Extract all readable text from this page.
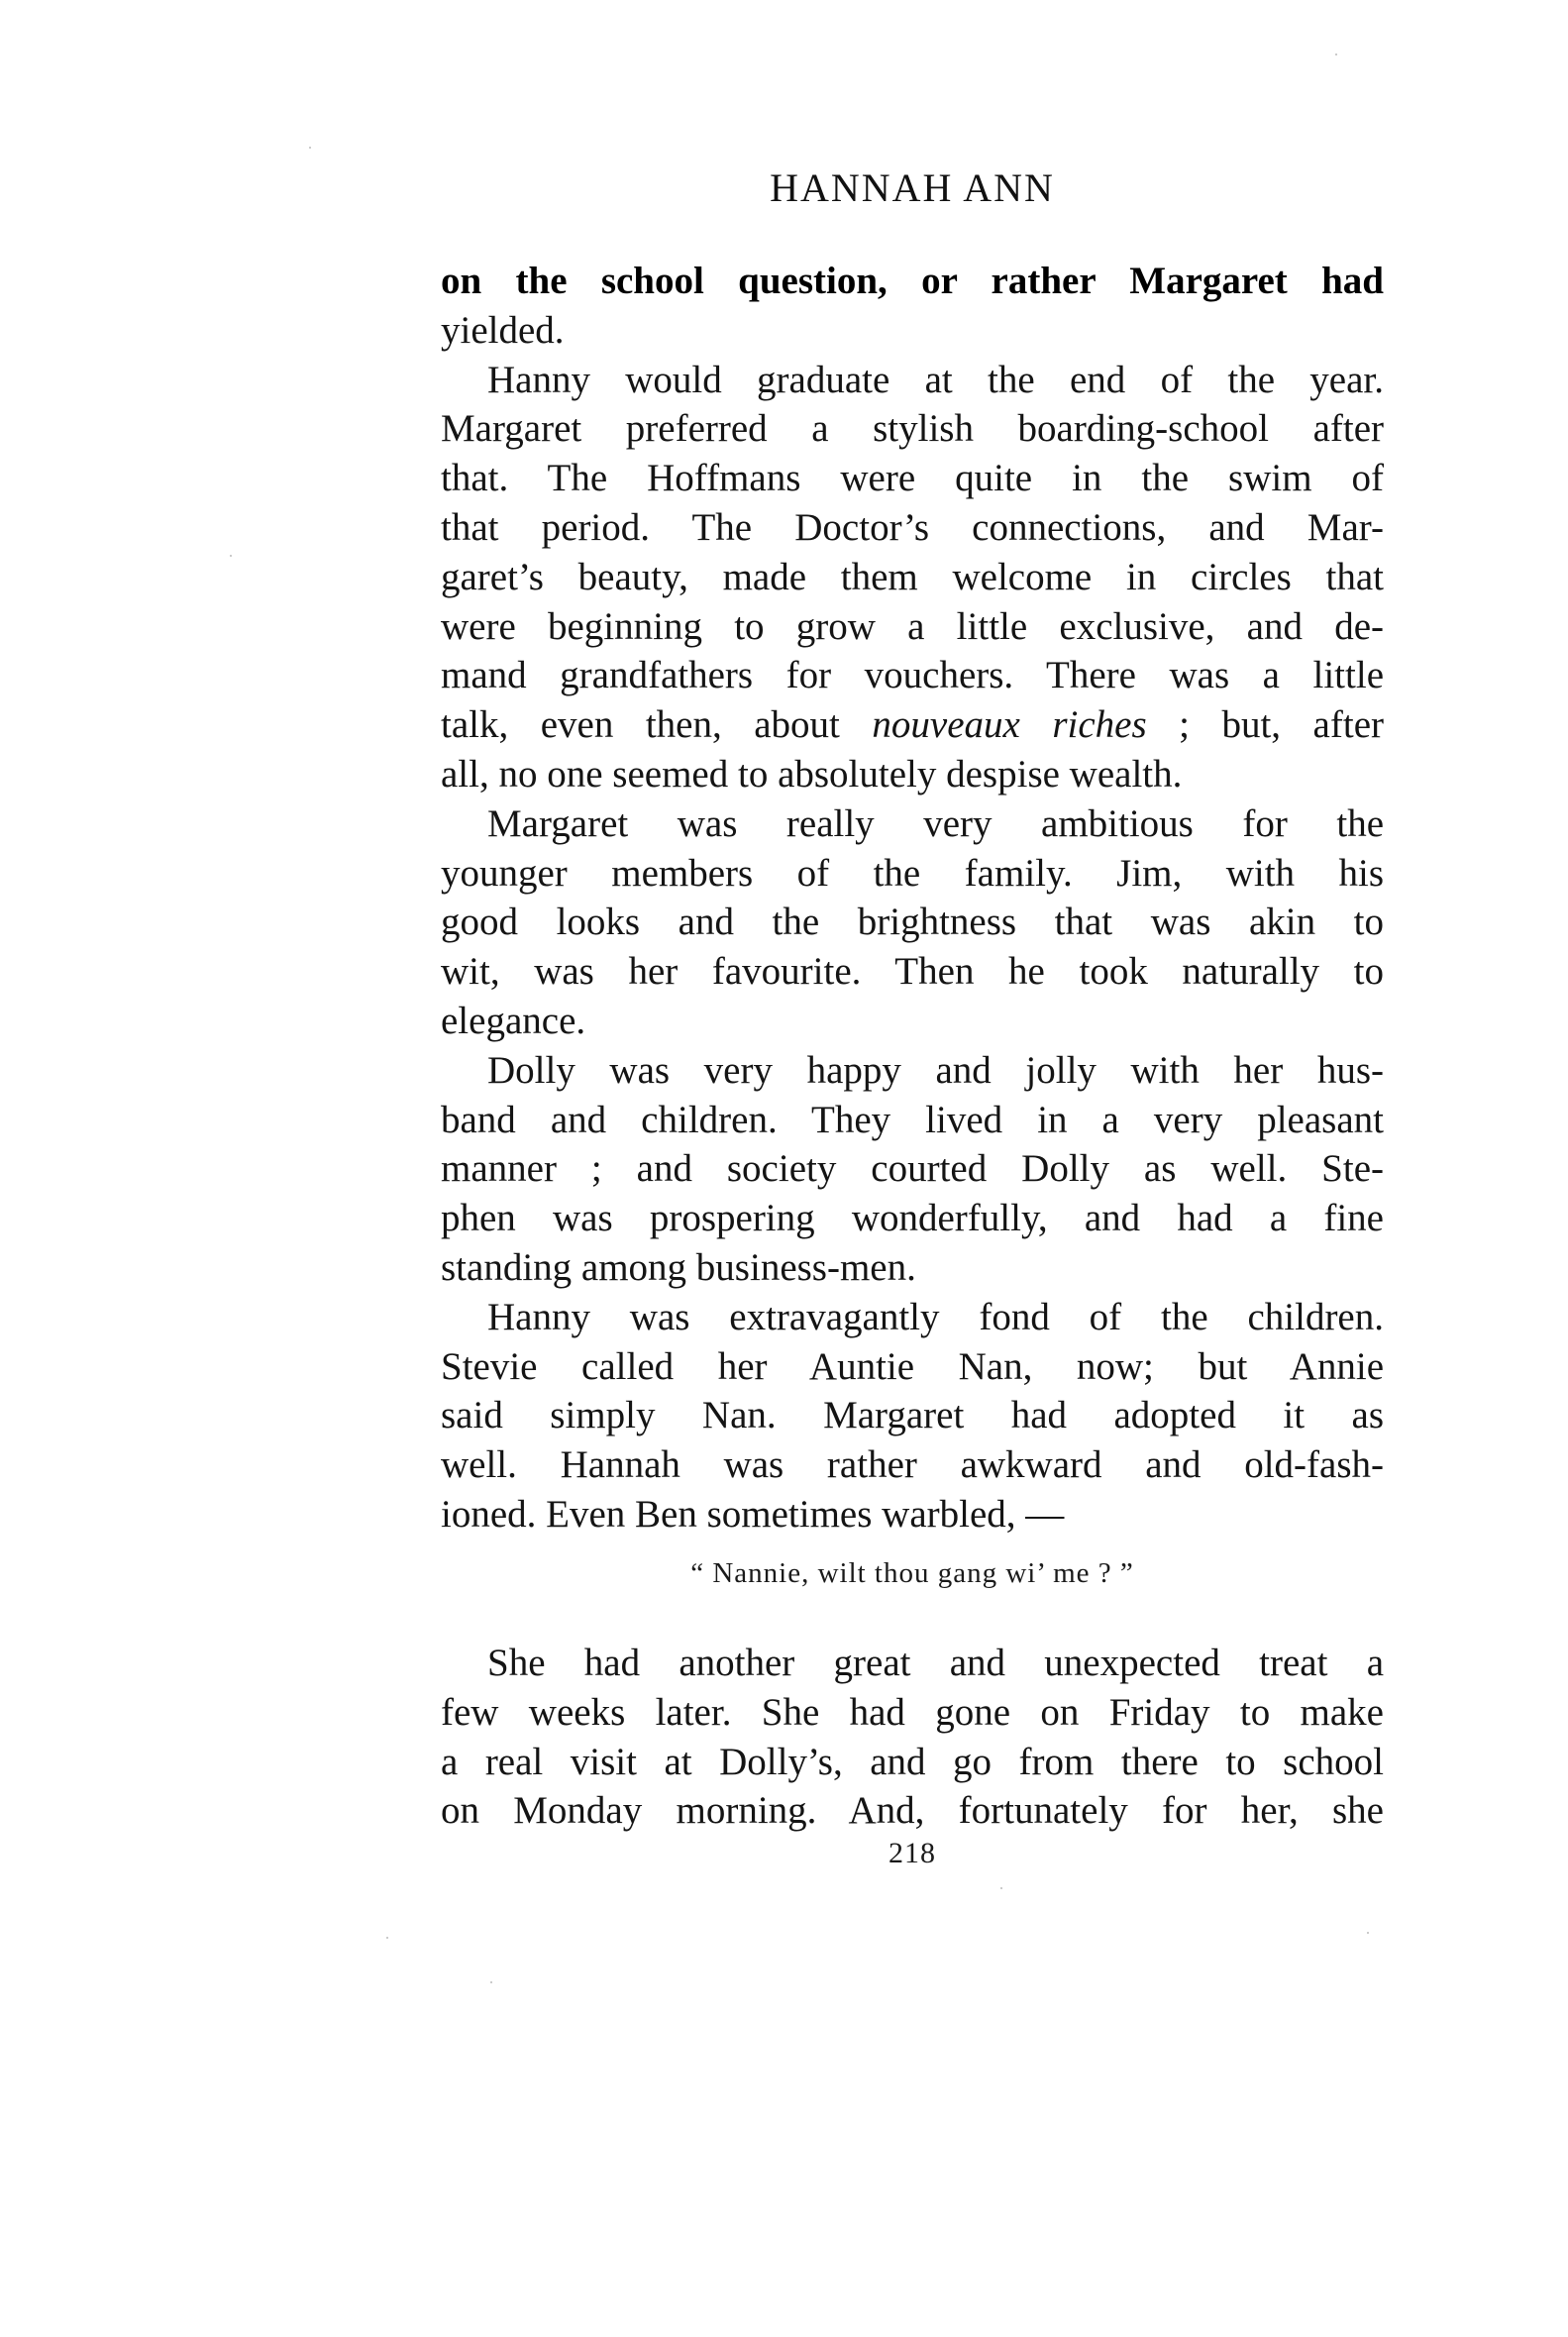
HANNAH ANN
on the school question, or rather Margaret had
yielded.
Hanny would graduate at the end of the year.
Margaret preferred a stylish boarding-school after
that. The Hoffmans were quite in the swim of
that period. The Doctor’s connections, and Mar-
garet’s beauty, made them welcome in circles that
were beginning to grow a little exclusive, and de-
mand grandfathers for vouchers. There was a little
talk, even then, about nouveaux riches ; but, after
all, no one seemed to absolutely despise wealth.
Margaret was really very ambitious for the
younger members of the family. Jim, with his
good looks and the brightness that was akin to
wit, was her favourite. Then he took naturally to
elegance.
Dolly was very happy and jolly with her hus-
band and children. They lived in a very pleasant
manner ; and society courted Dolly as well. Ste-
phen was prospering wonderfully, and had a fine
standing among business-men.
Hanny was extravagantly fond of the children.
Stevie called her Auntie Nan, now; but Annie
said simply Nan. Margaret had adopted it as
well. Hannah was rather awkward and old-fash-
ioned. Even Ben sometimes warbled, —
“ Nannie, wilt thou gang wi’ me ? ”
She had another great and unexpected treat a
few weeks later. She had gone on Friday to make
a real visit at Dolly’s, and go from there to school
on Monday morning. And, fortunately for her, she
218
